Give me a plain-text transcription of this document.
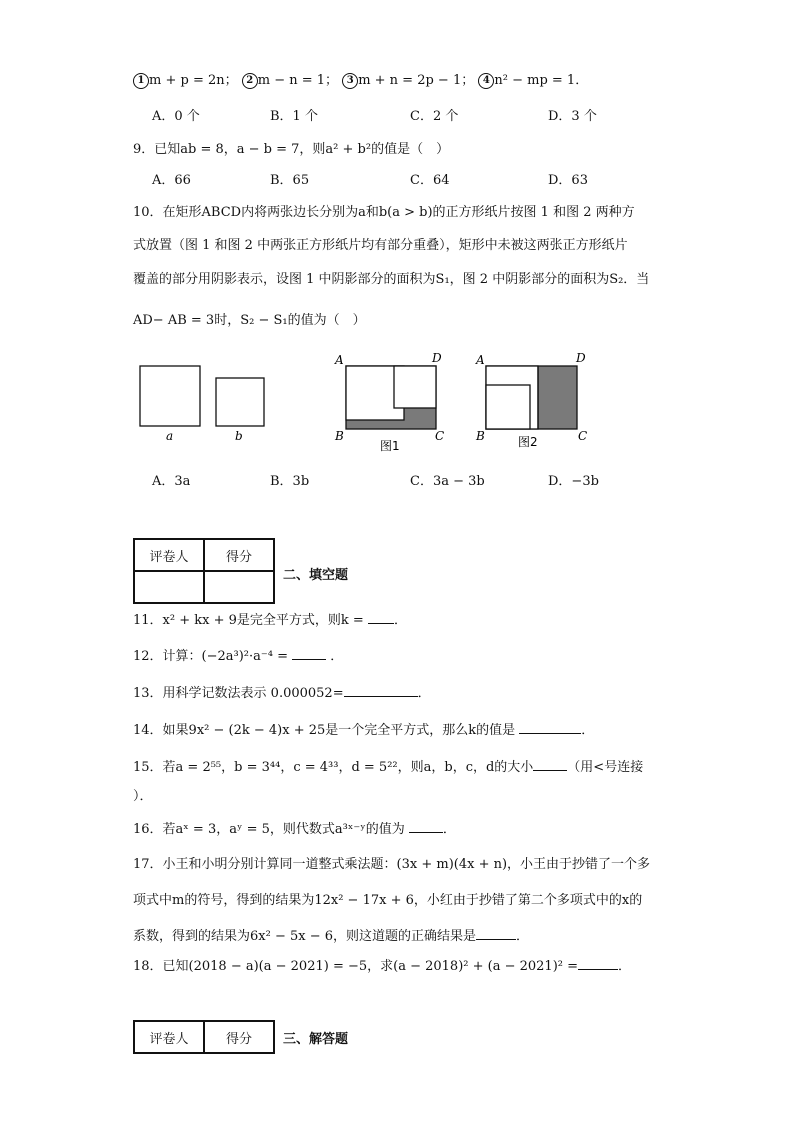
1 m + p = 2n； 2 m − n = 1； 3 m + n = 2p − 1； 4 n² − mp = 1．
A．0 个	B．1 个	C．2 个	D．3 个
9．已知ab = 8，a − b = 7，则a² + b²的值是（　）
A．66	B．65	C．64	D．63
10．在矩形ABCD内将两张边长分别为a和b(a > b)的正方形纸片按图 1 和图 2 两种方
式放置（图 1 和图 2 中两张正方形纸片均有部分重叠），矩形中未被这两张正方形纸片
覆盖的部分用阴影表示，设图 1 中阴影部分的面积为S₁，图 2 中阴影部分的面积为S₂．当
AD− AB = 3时，S₂ − S₁的值为（　）
a	b
A	D
B	C
图1
A	D
B	C
图2
A．3a	B．3b	C．3a − 3b	D．−3b
评卷人	得分

二、填空题
11．x² + kx + 9是完全平方式，则k = ．
12．计算：(−2a³)²·a⁻⁴ =	．
13．用科学记数法表示 0.000052=	．
14．如果9x² − (2k − 4)x + 25是一个完全平方式，那么k的值是	．
15．若a = 2⁵⁵，b = 3⁴⁴，c = 4³³，d = 5²²，则a，b，c，d的大小	（用<号连接
）．
16．若aˣ = 3，aʸ = 5，则代数式a³ˣ⁻ʸ的值为	．
17．小王和小明分别计算同一道整式乘法题：(3x + m)(4x + n)，小王由于抄错了一个多
项式中m的符号，得到的结果为12x² − 17x + 6，小红由于抄错了第二个多项式中的x的
系数，得到的结果为6x² − 5x − 6，则这道题的正确结果是	．
18．已知(2018 − a)(a − 2021) = −5，求(a − 2018)² + (a − 2021)² =	．
评卷人	得分 三、解答题
